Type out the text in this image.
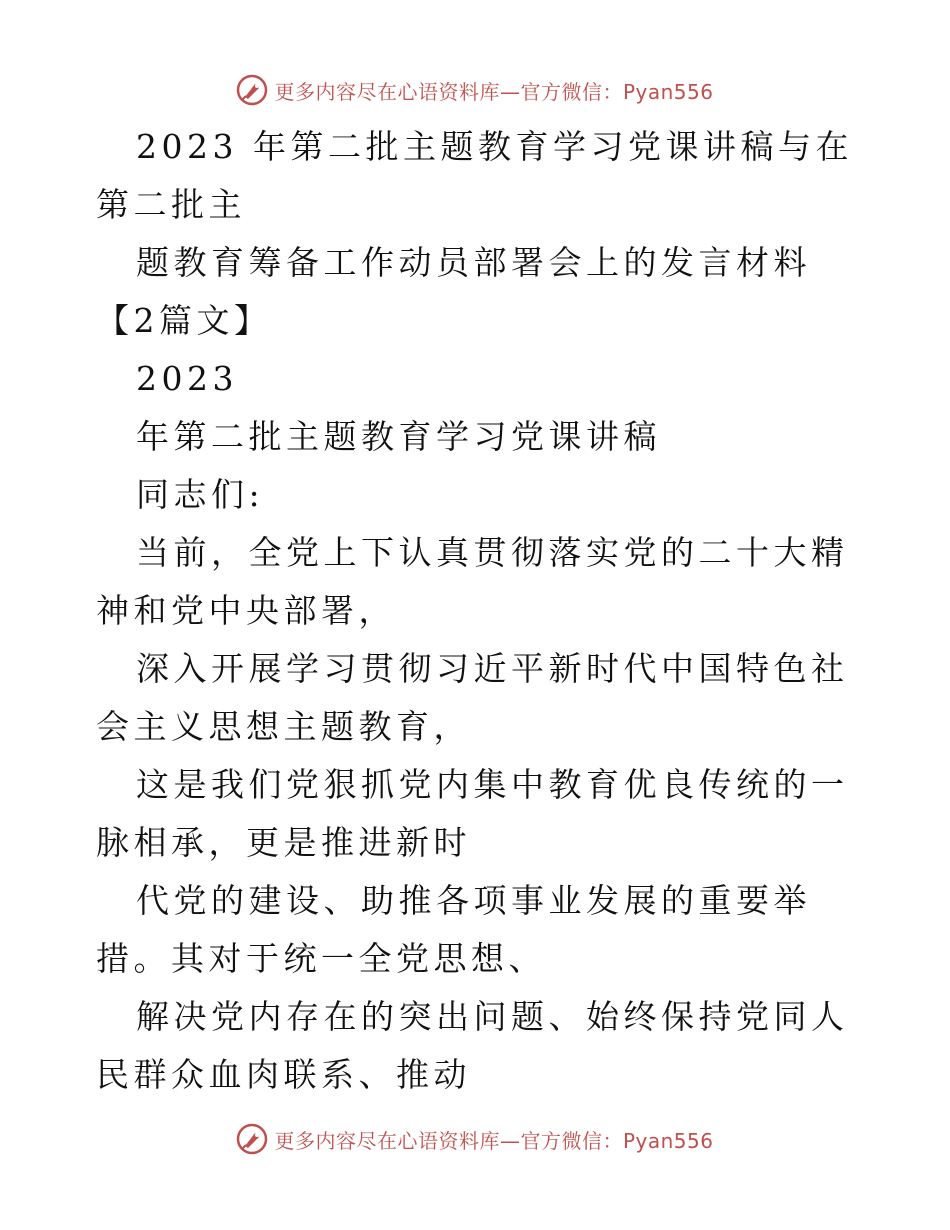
更多内容尽在心语资料库—官方微信：Pyan556

2023 年第二批主题教育学习党课讲稿与在第二批主

题教育筹备工作动员部署会上的发言材料【2篇文】

2023

年第二批主题教育学习党课讲稿

同志们:

当前，全党上下认真贯彻落实党的二十大精神和党中央部署，

深入开展学习贯彻习近平新时代中国特色社会主义思想主题教育，

这是我们党狠抓党内集中教育优良传统的一脉相承，更是推进新时

代党的建设、助推各项事业发展的重要举措。其对于统一全党思想、

解决党内存在的突出问题、始终保持党同人民群众血肉联系、推动

更多内容尽在心语资料库—官方微信：Pyan556
